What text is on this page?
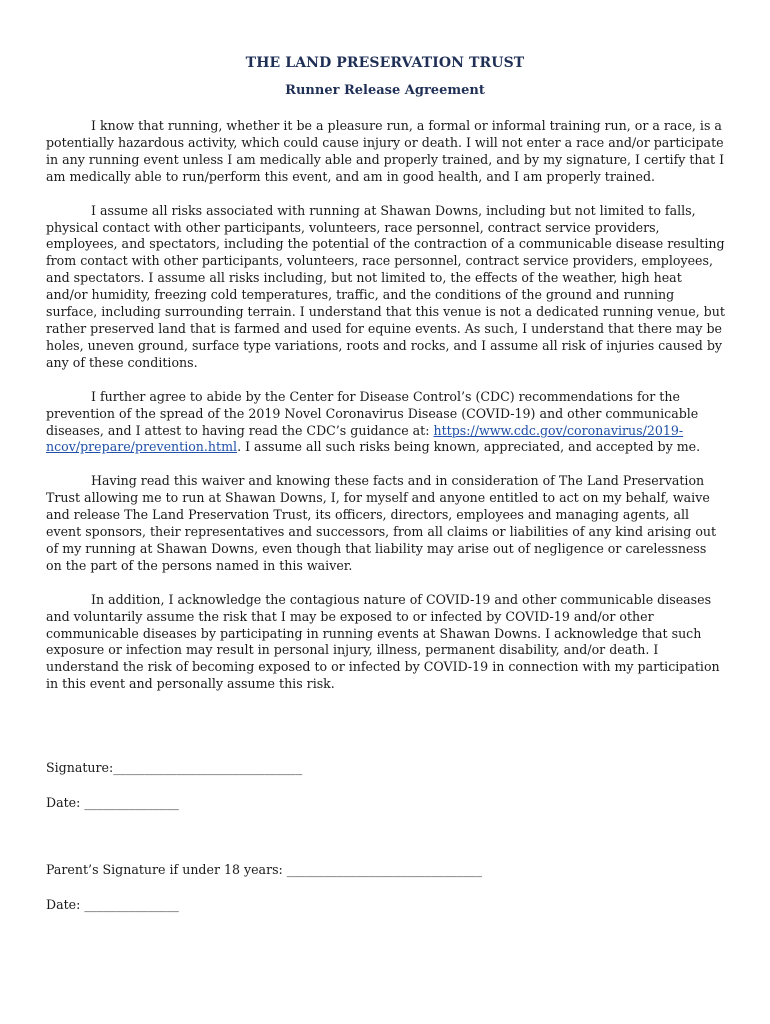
THE LAND PRESERVATION TRUST
Runner Release Agreement

I know that running, whether it be a pleasure run, a formal or informal training run, or a race, is a potentially hazardous activity, which could cause injury or death. I will not enter a race and/or participate in any running event unless I am medically able and properly trained, and by my signature, I certify that I am medically able to run/perform this event, and am in good health, and I am properly trained.

I assume all risks associated with running at Shawan Downs, including but not limited to falls, physical contact with other participants, volunteers, race personnel, contract service providers, employees, and spectators, including the potential of the contraction of a communicable disease resulting from contact with other participants, volunteers, race personnel, contract service providers, employees, and spectators. I assume all risks including, but not limited to, the effects of the weather, high heat and/or humidity, freezing cold temperatures, traffic, and the conditions of the ground and running surface, including surrounding terrain. I understand that this venue is not a dedicated running venue, but rather preserved land that is farmed and used for equine events. As such, I understand that there may be holes, uneven ground, surface type variations, roots and rocks, and I assume all risk of injuries caused by any of these conditions.

I further agree to abide by the Center for Disease Control’s (CDC) recommendations for the prevention of the spread of the 2019 Novel Coronavirus Disease (COVID-19) and other communicable diseases, and I attest to having read the CDC’s guidance at: https://www.cdc.gov/coronavirus/2019-ncov/prepare/prevention.html. I assume all such risks being known, appreciated, and accepted by me.

Having read this waiver and knowing these facts and in consideration of The Land Preservation Trust allowing me to run at Shawan Downs, I, for myself and anyone entitled to act on my behalf, waive and release The Land Preservation Trust, its officers, directors, employees and managing agents, all event sponsors, their representatives and successors, from all claims or liabilities of any kind arising out of my running at Shawan Downs, even though that liability may arise out of negligence or carelessness on the part of the persons named in this waiver.

In addition, I acknowledge the contagious nature of COVID-19 and other communicable diseases and voluntarily assume the risk that I may be exposed to or infected by COVID-19 and/or other communicable diseases by participating in running events at Shawan Downs. I acknowledge that such exposure or infection may result in personal injury, illness, permanent disability, and/or death. I understand the risk of becoming exposed to or infected by COVID-19 in connection with my participation in this event and personally assume this risk.

Signature:______________________________
Date: _______________
Parent’s Signature if under 18 years: _______________________________
Date: _______________
